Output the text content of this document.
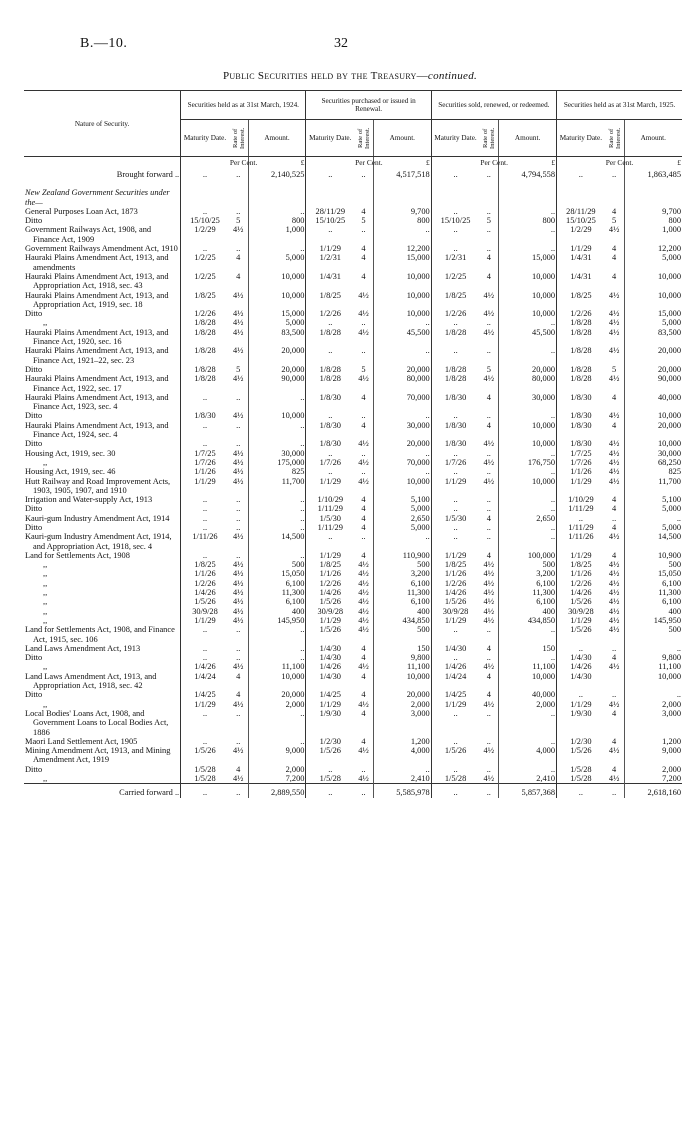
B.—10.	32
Public Securities held by the Treasury—continued.
Nature of Security.	Securities held as at 31st March, 1924.			Securities purchased or issued in Renewal.			Securities sold, renewed, or redeemed.			Securities held as at 31st March, 1925.		
	Maturity Date.	Rate of Interest.	Amount.	Maturity Date.	Rate of Interest.	Amount.	Maturity Date.	Rate of Interest.	Amount.	Maturity Date.	Rate of Interest.	Amount.
		Per Cent.	£		Per Cent.	£		Per Cent.	£		Per Cent.	£
Brought forward ..	..	..	2,140,525	..	..	4,517,518	..	..	4,794,558	..	..	1,863,485
New Zealand Government Securities under the—												

General Purposes Loan Act, 1873	..	..	..	28/11/29	4	9,700	..	..	..	28/11/29	4	9,700

Ditto	15/10/25	5	800	15/10/25	5	800	15/10/25	5	800	15/10/25	5	800

Government Railways Act, 1908, and Finance Act, 1909	1/2/29	4½	1,000	..	..	..	..	..	..	1/2/29	4½	1,000

Government Railways Amendment Act, 1910	..	..	..	1/1/29	4	12,200	..	..	..	1/1/29	4	12,200

Hauraki Plains Amendment Act, 1913, and amendments	1/2/25	4	5,000	1/2/31	4	15,000	1/2/31	4	15,000	1/4/31	4	5,000

Hauraki Plains Amendment Act, 1913, and Appropriation Act, 1918, sec. 43	1/2/25	4	10,000	1/4/31	4	10,000	1/2/25	4	10,000	1/4/31	4	10,000

Hauraki Plains Amendment Act, 1913, and Appropriation Act, 1919, sec. 18	1/8/25	4½	10,000	1/8/25	4½	10,000	1/8/25	4½	10,000	1/8/25	4½	10,000

Ditto	1/2/26	4½	15,000	1/2/26	4½	10,000	1/2/26	4½	10,000	1/2/26	4½	15,000

,,	1/8/28	4½	5,000	..	..	..	..	..	..	1/8/28	4½	5,000

Hauraki Plains Amendment Act, 1913, and Finance Act, 1920, sec. 16	1/8/28	4½	83,500	1/8/28	4½	45,500	1/8/28	4½	45,500	1/8/28	4½	83,500

Hauraki Plains Amendment Act, 1913, and Finance Act, 1921–22, sec. 23	1/8/28	4½	20,000	..	..	..	..	..	..	1/8/28	4½	20,000

Ditto	1/8/28	5	20,000	1/8/28	5	20,000	1/8/28	5	20,000	1/8/28	5	20,000

Hauraki Plains Amendment Act, 1913, and Finance Act, 1922, sec. 17	1/8/28	4½	90,000	1/8/28	4½	80,000	1/8/28	4½	80,000	1/8/28	4½	90,000

Hauraki Plains Amendment Act, 1913, and Finance Act, 1923, sec. 4	..	..	..	1/8/30	4	70,000	1/8/30	4	30,000	1/8/30	4	40,000

Ditto	1/8/30	4½	10,000	..	..	..	..	..	..	1/8/30	4½	10,000

Hauraki Plains Amendment Act, 1913, and Finance Act, 1924, sec. 4	..	..	..	1/8/30	4	30,000	1/8/30	4	10,000	1/8/30	4	20,000

Ditto	..	..	..	1/8/30	4½	20,000	1/8/30	4½	10,000	1/8/30	4½	10,000

Housing Act, 1919, sec. 30	1/7/25	4½	30,000	..	..	..	..	..	..	1/7/25	4½	30,000

,,	1/7/26	4½	175,000	1/7/26	4½	70,000	1/7/26	4½	176,750	1/7/26	4½	68,250

Housing Act, 1919, sec. 46	1/1/26	4½	825	..	..	..	..	..	..	1/1/26	4½	825

Hutt Railway and Road Improvement Acts, 1903, 1905, 1907, and 1910	1/1/29	4½	11,700	1/1/29	4½	10,000	1/1/29	4½	10,000	1/1/29	4½	11,700

Irrigation and Water-supply Act, 1913	..	..	..	1/10/29	4	5,100	..	..	..	1/10/29	4	5,100

Ditto	..	..	..	1/11/29	4	5,000	..	..	..	1/11/29	4	5,000

Kauri-gum Industry Amendment Act, 1914	..	..	..	1/5/30	4	2,650	1/5/30	4	2,650	..	..	..

Ditto	..	..	..	1/11/29	4	5,000	..	..	..	1/11/29	4	5,000

Kauri-gum Industry Amendment Act, 1914, and Appropriation Act, 1918, sec. 4	1/11/26	4½	14,500	..	..	..	..	..	..	1/11/26	4½	14,500

Land for Settlements Act, 1908	..	..	..	1/1/29	4	110,900	1/1/29	4	100,000	1/1/29	4	10,900

,,	1/8/25	4½	500	1/8/25	4½	500	1/8/25	4½	500	1/8/25	4½	500

,,	1/1/26	4½	15,050	1/1/26	4½	3,200	1/1/26	4½	3,200	1/1/26	4½	15,050

,,	1/2/26	4½	6,100	1/2/26	4½	6,100	1/2/26	4½	6,100	1/2/26	4½	6,100

,,	1/4/26	4½	11,300	1/4/26	4½	11,300	1/4/26	4½	11,300	1/4/26	4½	11,300

,,	1/5/26	4½	6,100	1/5/26	4½	6,100	1/5/26	4½	6,100	1/5/26	4½	6,100

,,	30/9/28	4½	400	30/9/28	4½	400	30/9/28	4½	400	30/9/28	4½	400

,,	1/1/29	4½	145,950	1/1/29	4½	434,850	1/1/29	4½	434,850	1/1/29	4½	145,950

Land for Settlements Act, 1908, and Finance Act, 1915, sec. 106	..	..	..	1/5/26	4½	500	..	..	..	1/5/26	4½	500

Land Laws Amendment Act, 1913	..	..	..	1/4/30	4	150	1/4/30	4	150	..	..	..

Ditto	..	..	..	1/4/30	4	9,800	..	..	..	1/4/30	4	9,800

,,	1/4/26	4½	11,100	1/4/26	4½	11,100	1/4/26	4½	11,100	1/4/26	4½	11,100

Land Laws Amendment Act, 1913, and Appropriation Act, 1918, sec. 42	1/4/24	4	10,000	1/4/30	4	10,000	1/4/24	4	10,000	1/4/30		10,000

Ditto	1/4/25	4	20,000	1/4/25	4	20,000	1/4/25	4	40,000	..	..	..

,,	1/1/29	4½	2,000	1/1/29	4½	2,000	1/1/29	4½	2,000	1/1/29	4½	2,000

Local Bodies' Loans Act, 1908, and Government Loans to Local Bodies Act, 1886	..	..	..	1/9/30	4	3,000	..	..	..	1/9/30	4	3,000

Maori Land Settlement Act, 1905	..	..	..	1/2/30	4	1,200	..	..	..	1/2/30	4	1,200

Mining Amendment Act, 1913, and Mining Amendment Act, 1919	1/5/26	4½	9,000	1/5/26	4½	4,000	1/5/26	4½	4,000	1/5/26	4½	9,000

Ditto	1/5/28	4	2,000	..	..	..	..	..	..	1/5/28	4	2,000

,,	1/5/28	4½	7,200	1/5/28	4½	2,410	1/5/28	4½	2,410	1/5/28	4½	7,200
Carried forward ..	..	..	2,889,550	..	..	5,585,978	..	..	5,857,368	..	..	2,618,160
